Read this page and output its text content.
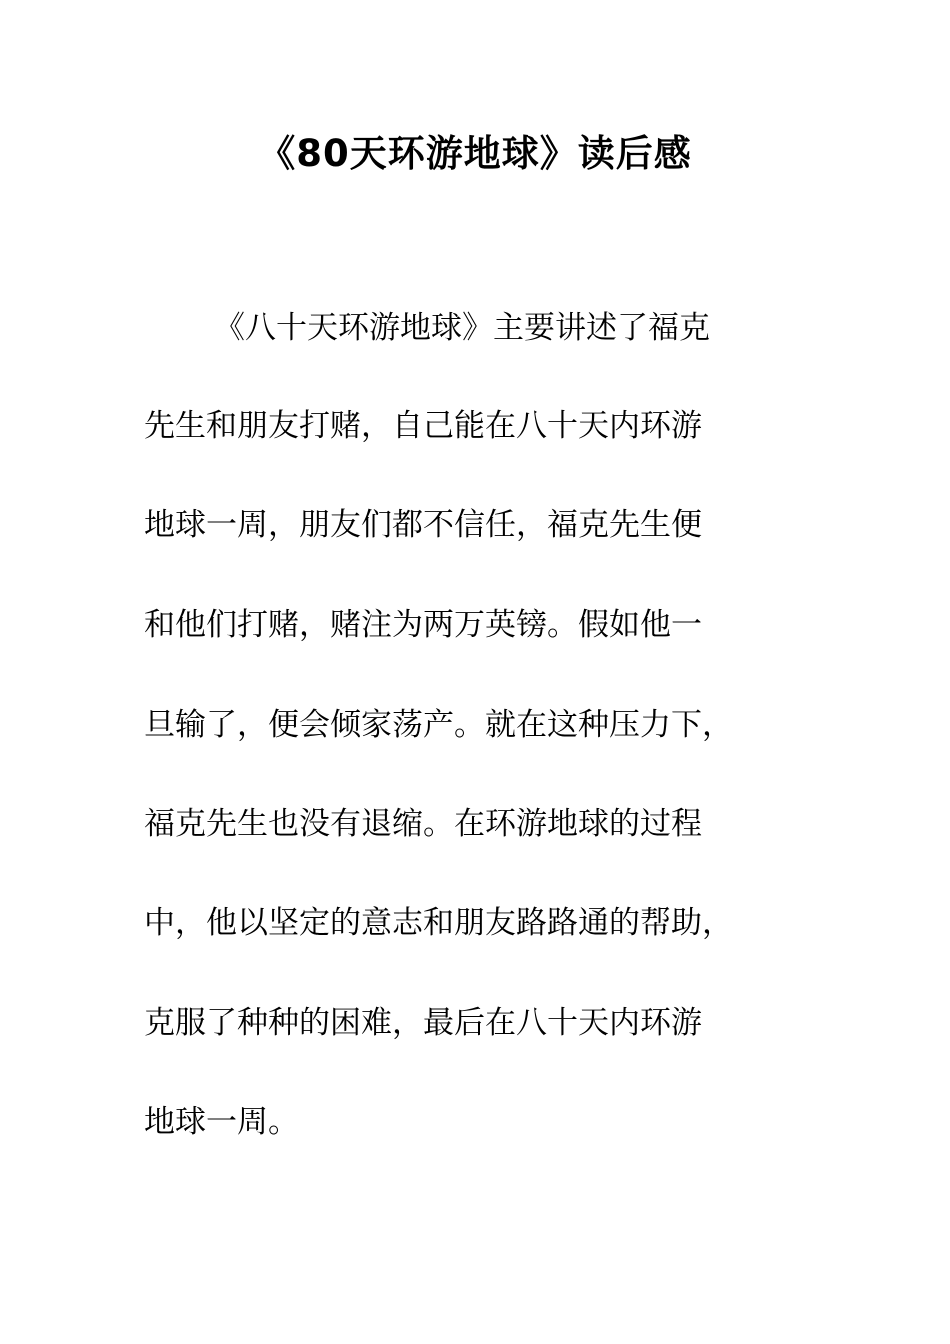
《80天环游地球》读后感
《八十天环游地球》主要讲述了福克
先生和朋友打赌，自己能在八十天内环游
地球一周，朋友们都不信任，福克先生便
和他们打赌，赌注为两万英镑。假如他一
旦输了，便会倾家荡产。就在这种压力下，
福克先生也没有退缩。在环游地球的过程
中，他以坚定的意志和朋友路路通的帮助，
克服了种种的困难，最后在八十天内环游
地球一周。
